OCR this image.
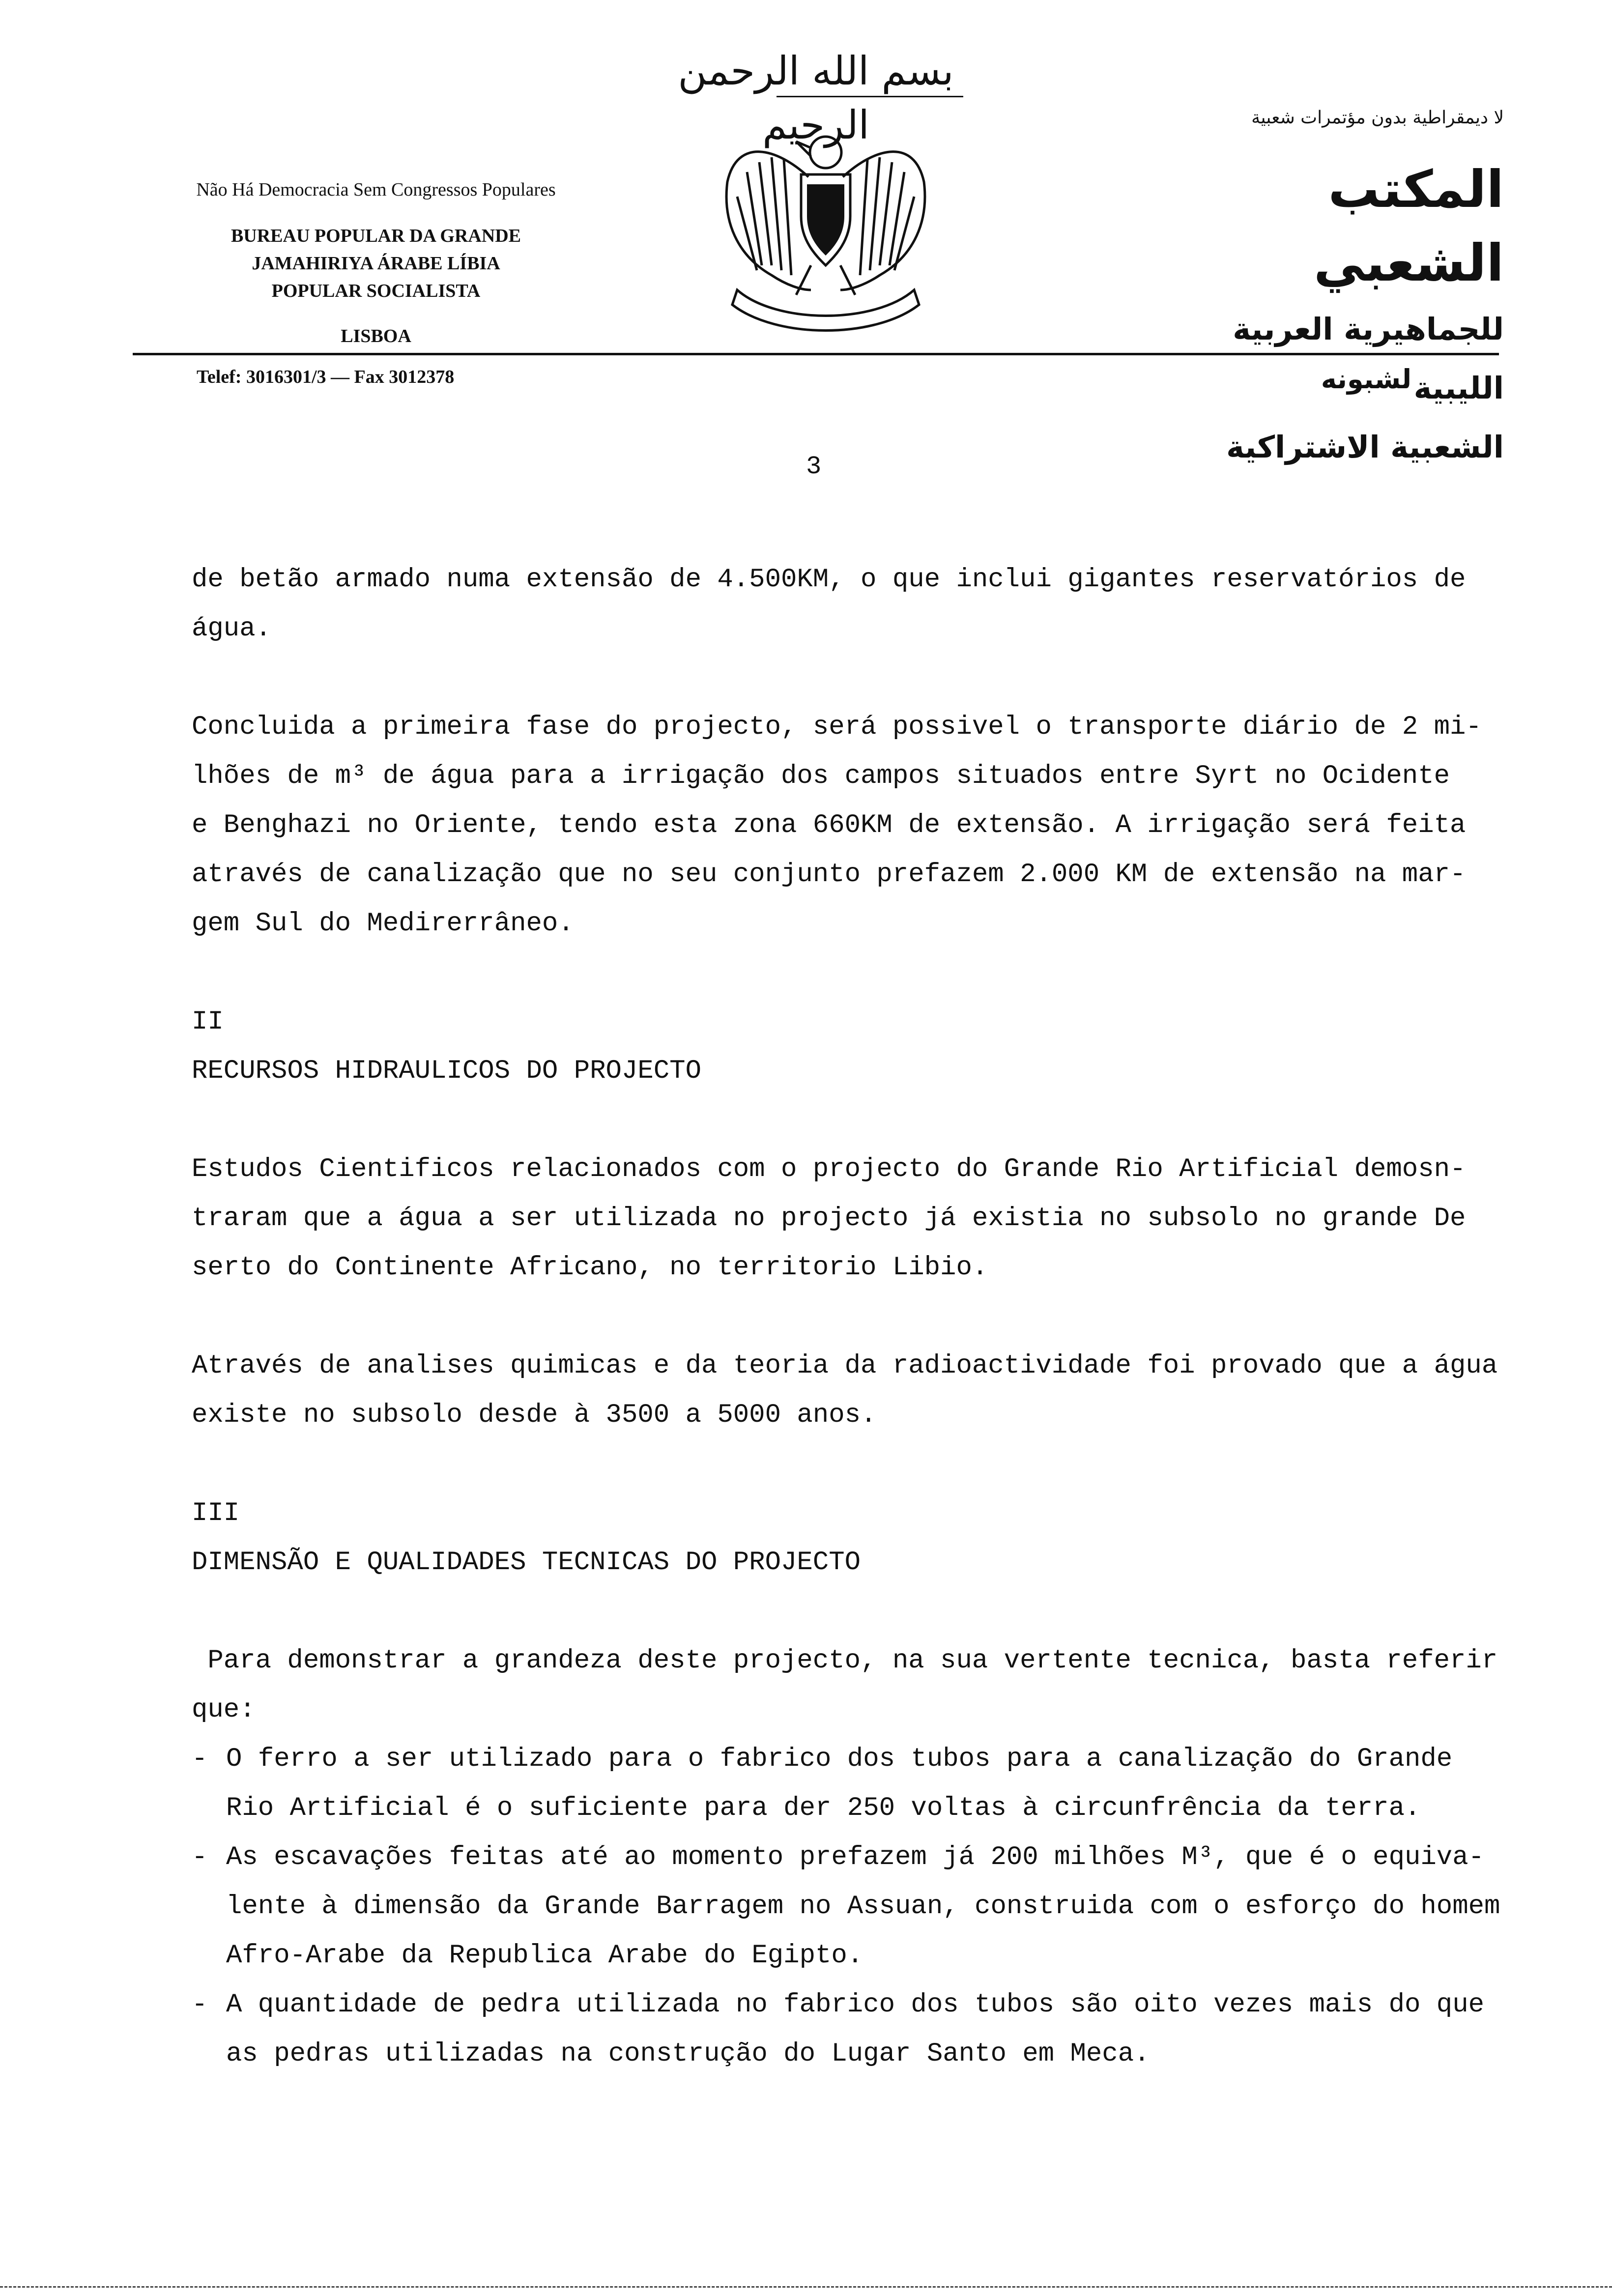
بسم الله الرحمن الرحيم
Não Há Democracia Sem Congressos Populares
BUREAU POPULAR DA GRANDE
JAMAHIRIYA ÁRABE LÍBIA
POPULAR SOCIALISTA
LISBOA
لا ديمقراطية بدون مؤتمرات شعبية
المكتب الشعبي
للجماهيرية العربية الليبية
الشعبية الاشتراكية
Telef: 3016301/3 — Fax 3012378	لشبونه
3

de betão armado numa extensão de 4.500KM, o que inclui gigantes reservatórios de

água.

Concluida a primeira fase do projecto, será possivel o transporte diário de 2 mi-

lhões de m³ de água para a irrigação dos campos situados entre Syrt no Ocidente

e Benghazi no Oriente, tendo esta zona 660KM de extensão. A irrigação será feita

através de canalização que no seu conjunto prefazem 2.000 KM de extensão na mar-

gem Sul do Medirerrâneo.

II

RECURSOS HIDRAULICOS DO PROJECTO

Estudos Cientificos relacionados com o projecto do Grande Rio Artificial demosn-

traram que a água a ser utilizada no projecto já existia no subsolo no grande De

serto do Continente Africano, no territorio Libio.

Através de analises quimicas e da teoria da radioactividade foi provado que a água

existe no subsolo desde à 3500 a 5000 anos.

III

DIMENSÃO E QUALIDADES TECNICAS DO PROJECTO

Para demonstrar a grandeza deste projecto, na sua vertente tecnica, basta referir

que:

- O ferro a ser utilizado para o fabrico dos tubos para a canalização do Grande

Rio Artificial é o suficiente para der 250 voltas à circunfrência da terra.

- As escavações feitas até ao momento prefazem já 200 milhões M³, que é o equiva-

lente à dimensão da Grande Barragem no Assuan, construida com o esforço do homem

Afro-Arabe da Republica Arabe do Egipto.

- A quantidade de pedra utilizada no fabrico dos tubos são oito vezes mais do que

as pedras utilizadas na construção do Lugar Santo em Meca.
